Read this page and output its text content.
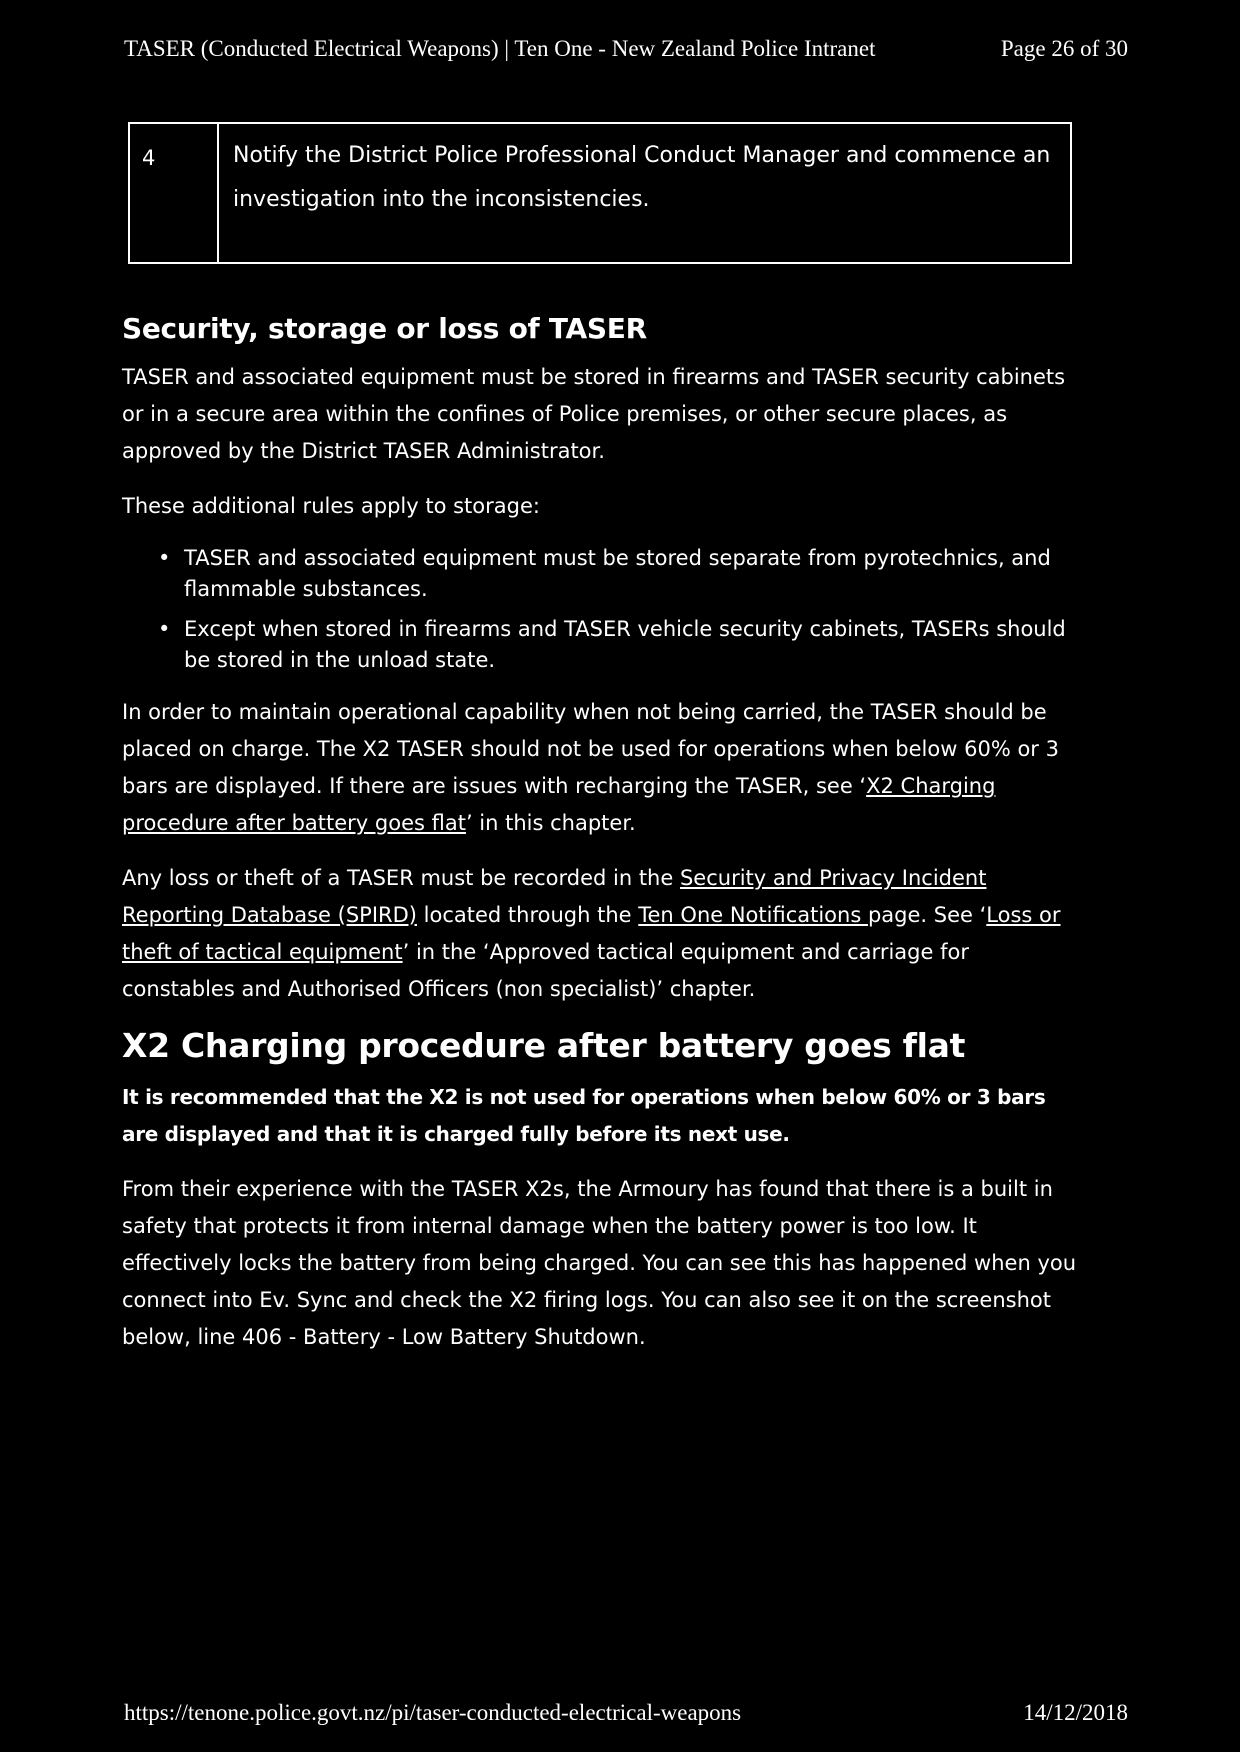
TASER (Conducted Electrical Weapons) | Ten One - New Zealand Police Intranet	Page 26 of 30
4	Notify the District Police Professional Conduct Manager and commence an investigation into the inconsistencies.
Security, storage or loss of TASER

TASER and associated equipment must be stored in firearms and TASER security cabinets or in a secure area within the confines of Police premises, or other secure places, as approved by the District TASER Administrator.

These additional rules apply to storage:

• TASER and associated equipment must be stored separate from pyrotechnics, and flammable substances.
• Except when stored in firearms and TASER vehicle security cabinets, TASERs should be stored in the unload state.

In order to maintain operational capability when not being carried, the TASER should be placed on charge. The X2 TASER should not be used for operations when below 60% or 3 bars are displayed. If there are issues with recharging the TASER, see ‘X2 Charging procedure after battery goes flat’ in this chapter.

Any loss or theft of a TASER must be recorded in the Security and Privacy Incident Reporting Database (SPIRD) located through the Ten One Notifications page. See ‘Loss or theft of tactical equipment’ in the ‘Approved tactical equipment and carriage for constables and Authorised Officers (non specialist)’ chapter.

X2 Charging procedure after battery goes flat

It is recommended that the X2 is not used for operations when below 60% or 3 bars are displayed and that it is charged fully before its next use.

From their experience with the TASER X2s, the Armoury has found that there is a built in safety that protects it from internal damage when the battery power is too low. It effectively locks the battery from being charged. You can see this has happened when you connect into Ev. Sync and check the X2 firing logs. You can also see it on the screenshot below, line 406 - Battery - Low Battery Shutdown.

https://tenone.police.govt.nz/pi/taser-conducted-electrical-weapons	14/12/2018
